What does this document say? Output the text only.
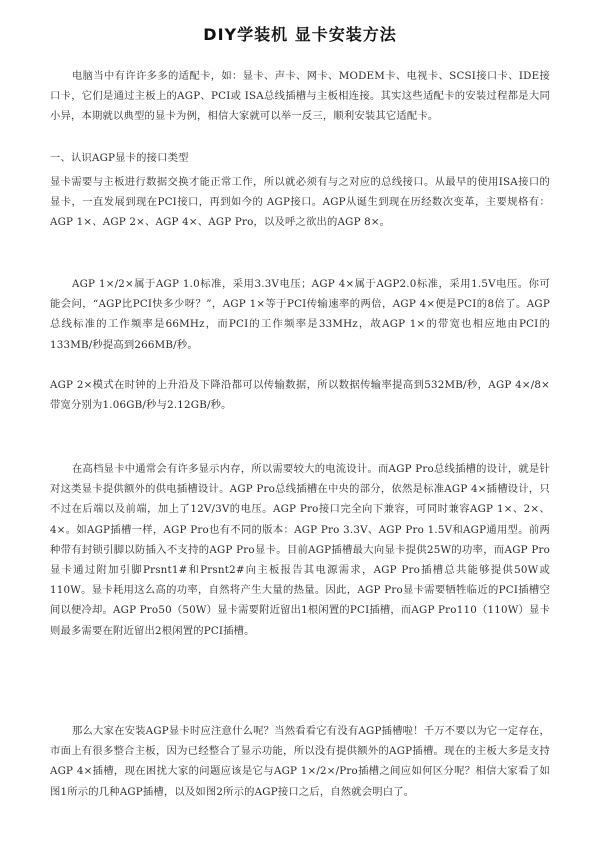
DIY学装机 显卡安装方法

电脑当中有许许多多的适配卡，如：显卡、声卡、网卡、MODEM卡、电视卡、SCSI接口卡、IDE接口卡，它们是通过主板上的AGP、PCI或 ISA总线插槽与主板相连接。其实这些适配卡的安装过程都是大同小异，本期就以典型的显卡为例，相信大家就可以举一反三，顺利安装其它适配卡。

一、认识AGP显卡的接口类型

显卡需要与主板进行数据交换才能正常工作，所以就必须有与之对应的总线接口。从最早的使用ISA接口的显卡，一直发展到现在PCI接口，再到如今的 AGP接口。AGP从诞生到现在历经数次变革，主要规格有：AGP 1×、AGP 2×、AGP 4×、AGP Pro，以及呼之欲出的AGP 8×。

AGP 1×/2×属于AGP 1.0标准，采用3.3V电压；AGP 4×属于AGP2.0标准，采用1.5V电压。你可能会问，“AGP比PCI快多少呀？”，AGP 1×等于PCI传输速率的两倍，AGP 4×便是PCI的8倍了。AGP总线标准的工作频率是66MHz，而PCI的工作频率是33MHz，故AGP 1×的带宽也相应地由PCI的133MB/秒提高到266MB/秒。

AGP 2×模式在时钟的上升沿及下降沿都可以传输数据，所以数据传输率提高到532MB/秒，AGP 4×/8×带宽分别为1.06GB/秒与2.12GB/秒。

在高档显卡中通常会有许多显示内存，所以需要较大的电流设计。而AGP Pro总线插槽的设计，就是针对这类显卡提供额外的供电插槽设计。AGP Pro总线插槽在中央的部分，依然是标准AGP 4×插槽设计，只不过在后端以及前端，加上了12V/3V的电压。AGP Pro接口完全向下兼容，可同时兼容AGP 1×、2×、4×。如AGP插槽一样，AGP Pro也有不同的版本：AGP Pro 3.3V、AGP Pro 1.5V和AGP通用型。前两种带有封锁引脚以防插入不支持的AGP Pro显卡。目前AGP插槽最大向显卡提供25W的功率，而AGP Pro显卡通过附加引脚Prsnt1#和Prsnt2#向主板报告其电源需求，AGP Pro插槽总共能够提供50W或110W。显卡耗用这么高的功率，自然将产生大量的热量。因此，AGP Pro显卡需要牺牲临近的PCI插槽空间以便冷却。AGP Pro50（50W）显卡需要附近留出1根闲置的PCI插槽，而AGP Pro110（110W）显卡则最多需要在附近留出2根闲置的PCI插槽。

那么大家在安装AGP显卡时应注意什么呢？当然看看它有没有AGP插槽啦！千万不要以为它一定存在，市面上有很多整合主板，因为已经整合了显示功能，所以没有提供额外的AGP插槽。现在的主板大多是支持AGP 4×插槽，现在困扰大家的问题应该是它与AGP 1×/2×/Pro插槽之间应如何区分呢？相信大家看了如图1所示的几种AGP插槽，以及如图2所示的AGP接口之后，自然就会明白了。
